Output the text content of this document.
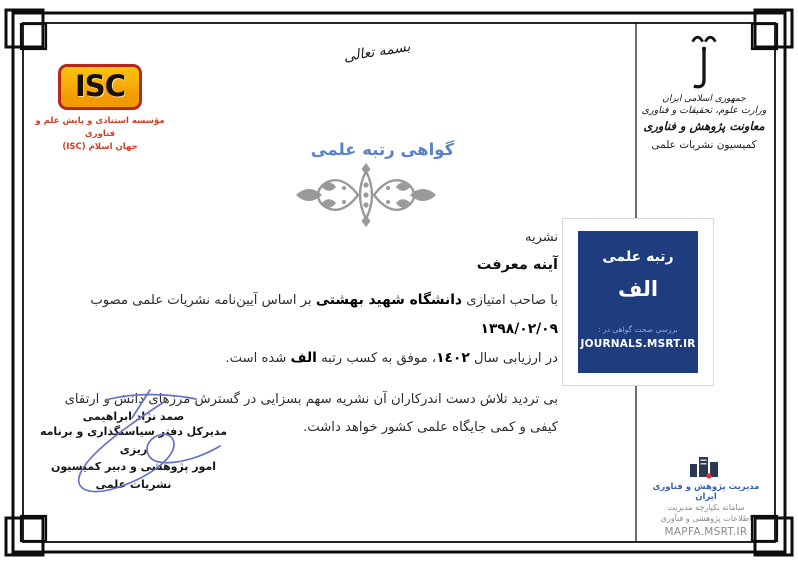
ISC
مؤسسه استنادی و پایش علم و فناوری
جهان اسلام (ISC)
بسمه تعالی
جمهوری اسلامی ایران
وزارت علوم، تحقیقات و فناوری
معاونت پژوهش و فناوری
کمیسیون نشریات علمی
گواهی رتبه علمی
نشریه
آینه معرفت
با صاحب امتیازی دانشگاه شهید بهشتی بر اساس آیین‌نامه نشریات علمی مصوب ١٣٩٨/٠٢/٠٩
در ارزیابی سال ١٤٠٢، موفق به کسب رتبه الف شده است.
بی تردید تلاش دست اندرکاران آن نشریه سهم بسزایی در گسترش مرزهای دانش و ارتقای
کیفی و کمی جایگاه علمی کشور خواهد داشت.
صمد نژاد ابراهیمی
مدیرکل دفتر سیاستگذاری و برنامه ریزی
امور پژوهشی و دبیر کمیسیون
نشریات علمی
رتبه علمی
الف
بررسی صحت گواهی در :
JOURNALS.MSRT.IR
مدیریت پژوهش و فناوری ایران
سامانه یکپارچه مدیریت
اطلاعات پژوهشی و فنآوری
MAPFA.MSRT.IR
